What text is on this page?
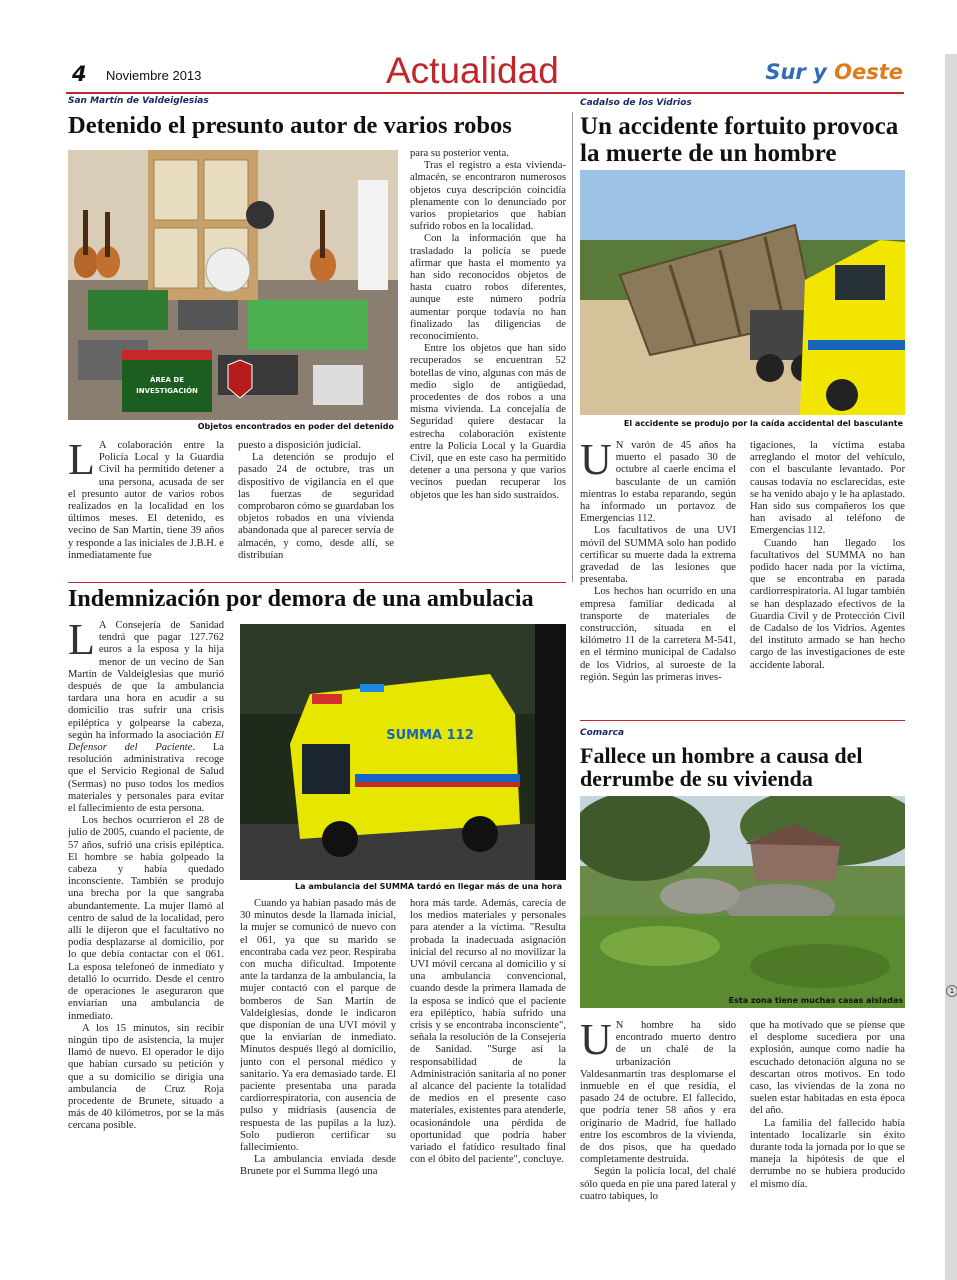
4 Noviembre 2013	Actualidad	Sur y Oeste
1
San Martín de Valdeiglesias
Detenido el presunto autor de varios robos
ÁREA DE
INVESTIGACIÓN
Objetos encontrados en poder del detenido
L A colaboración entre la Policía Local y la Guardia Civil ha permitido detener a una persona, acusada de ser el presunto autor de varios robos realizados en la localidad en los últimos meses. El detenido, es vecino de San Martín, tiene 39 años y responde a las iniciales de J.B.H. e inmediatamente fue

puesto a disposición judicial.

La detención se produjo el pasado 24 de octubre, tras un dispositivo de vigilancia en el que las fuerzas de seguridad comprobaron cómo se guardaban los objetos robados en una vivienda abandonada que al parecer servía de almacén, y como, desde allí, se distribuían

para su posterior venta.

Tras el registro a esta vivienda-almacén, se encontraron numerosos objetos cuya descripción coincidía plenamente con lo denunciado por varios propietarios que habían sufrido robos en la localidad.

Con la información que ha trasladado la policía se puede afirmar que hasta el momento ya han sido reconocidos objetos de hasta cuatro robos diferentes, aunque este número podría aumentar porque todavía no han finalizado las diligencias de reconocimiento.

Entre los objetos que han sido recuperados se encuentran 52 botellas de vino, algunas con más de medio siglo de antigüedad, procedentes de dos robos a una misma vivienda. La concejalía de Seguridad quiere destacar la estrecha colaboración existente entre la Policía Local y la Guardia Civil, que en este caso ha permitido detener a una persona y que varios vecinos puedan recuperar los objetos que les han sido sustraídos.

Cadalso de los Vidrios
Un accidente fortuito provoca la muerte de un hombre
El accidente se produjo por la caída accidental del basculante
U N varón de 45 años ha muerto el pasado 30 de octubre al caerle encima el basculante de un camión mientras lo estaba reparando, según ha informado un portavoz de Emergencias 112.

Los facultativos de una UVI móvil del SUMMA solo han podido certificar su muerte dada la extrema gravedad de las lesiones que presentaba.

Los hechos han ocurrido en una empresa familiar dedicada al transporte de materiales de construcción, situada en el kilómetro 11 de la carretera M-541, en el término municipal de Cadalso de los Vidrios, al suroeste de la región. Según las primeras inves-

tigaciones, la víctima estaba arreglando el motor del vehículo, con el basculante levantado. Por causas todavía no esclarecidas, este se ha venido abajo y le ha aplastado. Han sido sus compañeros los que han avisado al teléfono de Emergencias 112.

Cuando han llegado los facultativos del SUMMA no han podido hacer nada por la víctima, que se encontraba en parada cardiorrespiratoria. Al lugar también se han desplazado efectivos de la Guardia Civil y de Protección Civil de Cadalso de los Vidrios. Agentes del instituto armado se han hecho cargo de las investigaciones de este accidente laboral.

Indemnización por demora de una ambulacia
L A Consejería de Sanidad tendrá que pagar 127.762 euros a la esposa y la hija menor de un vecino de San Martín de Valdeiglesias que murió después de que la ambulancia tardara una hora en acudir a su domicilio tras sufrir una crisis epiléptica y golpearse la cabeza, según ha informado la asociación El Defensor del Paciente. La resolución administrativa recoge que el Servicio Regional de Salud (Sermas) no puso todos los medios materiales y personales para evitar el fallecimiento de esta persona.

Los hechos ocurrieron el 28 de julio de 2005, cuando el paciente, de 57 años, sufrió una crisis epiléptica. El hombre se había golpeado la cabeza y había quedado inconsciente. También se produjo una brecha por la que sangraba abundantemente. La mujer llamó al centro de salud de la localidad, pero allí le dijeron que el facultativo no podía desplazarse al domicilio, por lo que debía contactar con el 061. La esposa telefoneó de inmediato y detalló lo ocurrido. Desde el centro de operaciones le aseguraron que enviarían una ambulancia de inmediato.

A los 15 minutos, sin recibir ningún tipo de asistencia, la mujer llamó de nuevo. El operador le dijo que habían cursado su petición y que a su domicilio se dirigía una ambulancia de Cruz Roja procedente de Brunete, situado a más de 40 kilómetros, por se la más cercana posible.

SUMMA 112
La ambulancia del SUMMA tardó en llegar más de una hora

Cuando ya habían pasado más de 30 minutos desde la llamada inicial, la mujer se comunicó de nuevo con el 061, ya que su marido se encontraba cada vez peor. Respiraba con mucha dificultad. Impotente ante la tardanza de la ambulancia, la mujer contactó con el parque de bomberos de San Martín de Valdeiglesias, donde le indicaron que disponían de una UVI móvil y que la enviarían de inmediato. Minutos después llegó al domicilio, junto con el personal médico y sanitario. Ya era demasiado tarde. El paciente presentaba una parada cardiorrespiratoria, con ausencia de pulso y midriasis (ausencia de respuesta de las pupilas a la luz). Solo pudieron certificar su fallecimiento.

La ambulancia enviada desde Brunete por el Summa llegó una

hora más tarde. Además, carecía de los medios materiales y personales para atender a la víctima. "Resulta probada la inadecuada asignación inicial del recurso al no movilizar la UVI móvil cercana al domicilio y sí una ambulancia convencional, cuando desde la primera llamada de la esposa se indicó que el paciente era epiléptico, había sufrido una crisis y se encontraba inconsciente", señala la resolución de la Consejería de Sanidad. "Surge así la responsabilidad de la Administración sanitaria al no poner al alcance del paciente la totalidad de medios en el presente caso materiales, existentes para atenderle, ocasionándole una pérdida de oportunidad que podría haber variado el fatídico resultado final con el óbito del paciente", concluye.

Comarca
Fallece un hombre a causa del derrumbe de su vivienda
Esta zona tiene muchas casas aisladas
U N hombre ha sido encontrado muerto dentro de un chalé de la urbanización Valdesanmartín tras desplomarse el inmueble en el que residía, el pasado 24 de octubre. El fallecido, que podría tener 58 años y era originario de Madrid, fue hallado entre los escombros de la vivienda, de dos pisos, que ha quedado completamente destruida.

Según la policía local, del chalé sólo queda en pie una pared lateral y cuatro tabiques, lo

que ha motivado que se piense que el desplome sucediera por una explosión, aunque como nadie ha escuchado detonación alguna no se descartan otros motivos. En todo caso, las viviendas de la zona no suelen estar habitadas en esta época del año.

La familia del fallecido había intentado localizarle sin éxito durante toda la jornada por lo que se maneja la hipótesis de que el derrumbe no se hubiera producido el mismo día.
